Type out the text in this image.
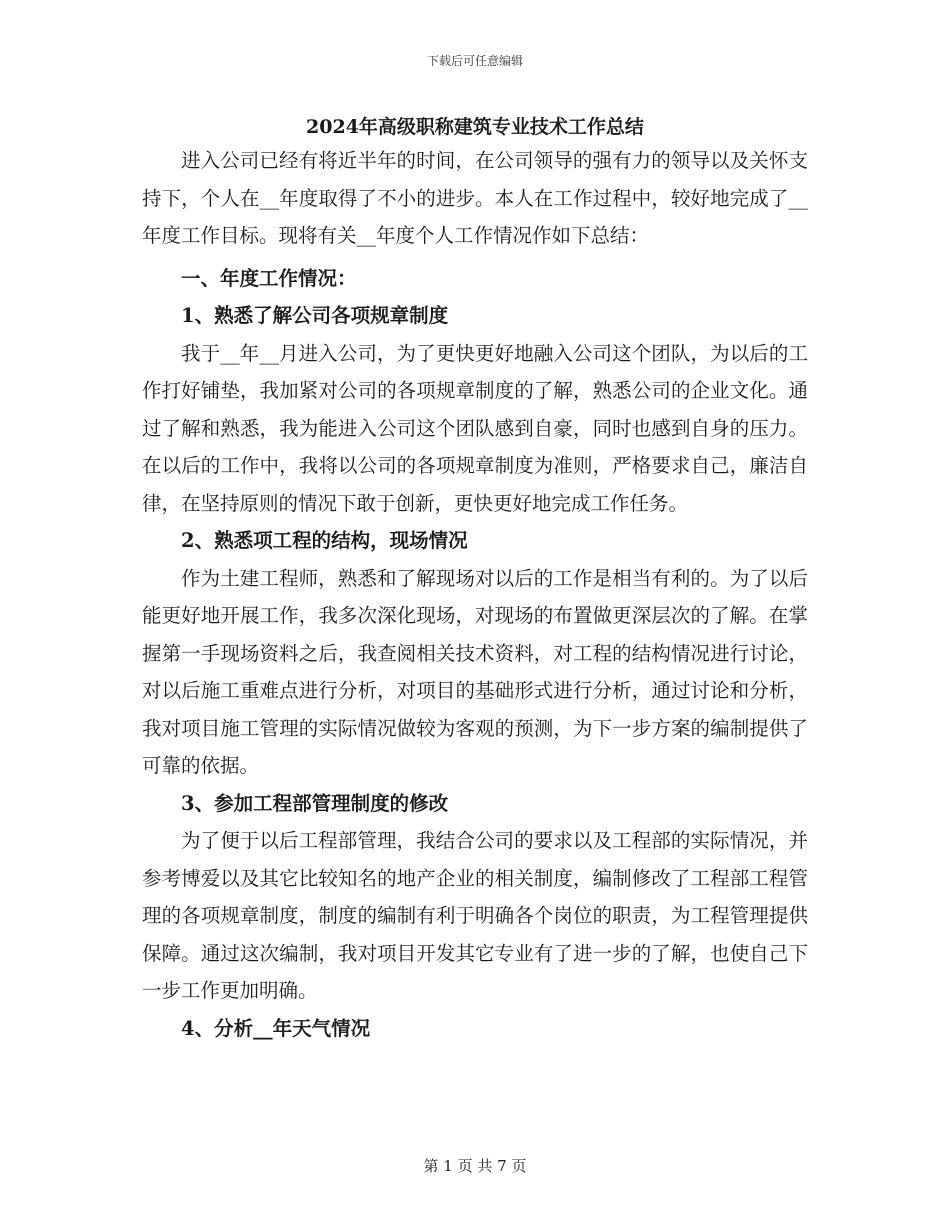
下载后可任意编辑
2024年高级职称建筑专业技术工作总结

进入公司已经有将近半年的时间，在公司领导的强有力的领导以及关怀支持下，个人在__年度取得了不小的进步。本人在工作过程中，较好地完成了__年度工作目标。现将有关__年度个人工作情况作如下总结：

一、年度工作情况：

1、熟悉了解公司各项规章制度

我于__年__月进入公司，为了更快更好地融入公司这个团队，为以后的工作打好铺垫，我加紧对公司的各项规章制度的了解，熟悉公司的企业文化。通过了解和熟悉，我为能进入公司这个团队感到自豪，同时也感到自身的压力。在以后的工作中，我将以公司的各项规章制度为准则，严格要求自己，廉洁自律，在坚持原则的情况下敢于创新，更快更好地完成工作任务。

2、熟悉项工程的结构，现场情况

作为土建工程师，熟悉和了解现场对以后的工作是相当有利的。为了以后能更好地开展工作，我多次深化现场，对现场的布置做更深层次的了解。在掌握第一手现场资料之后，我查阅相关技术资料，对工程的结构情况进行讨论，对以后施工重难点进行分析，对项目的基础形式进行分析，通过讨论和分析，我对项目施工管理的实际情况做较为客观的预测，为下一步方案的编制提供了可靠的依据。

3、参加工程部管理制度的修改

为了便于以后工程部管理，我结合公司的要求以及工程部的实际情况，并参考博爱以及其它比较知名的地产企业的相关制度，编制修改了工程部工程管理的各项规章制度，制度的编制有利于明确各个岗位的职责，为工程管理提供保障。通过这次编制，我对项目开发其它专业有了进一步的了解，也使自己下一步工作更加明确。

4、分析__年天气情况

第 1 页 共 7 页
